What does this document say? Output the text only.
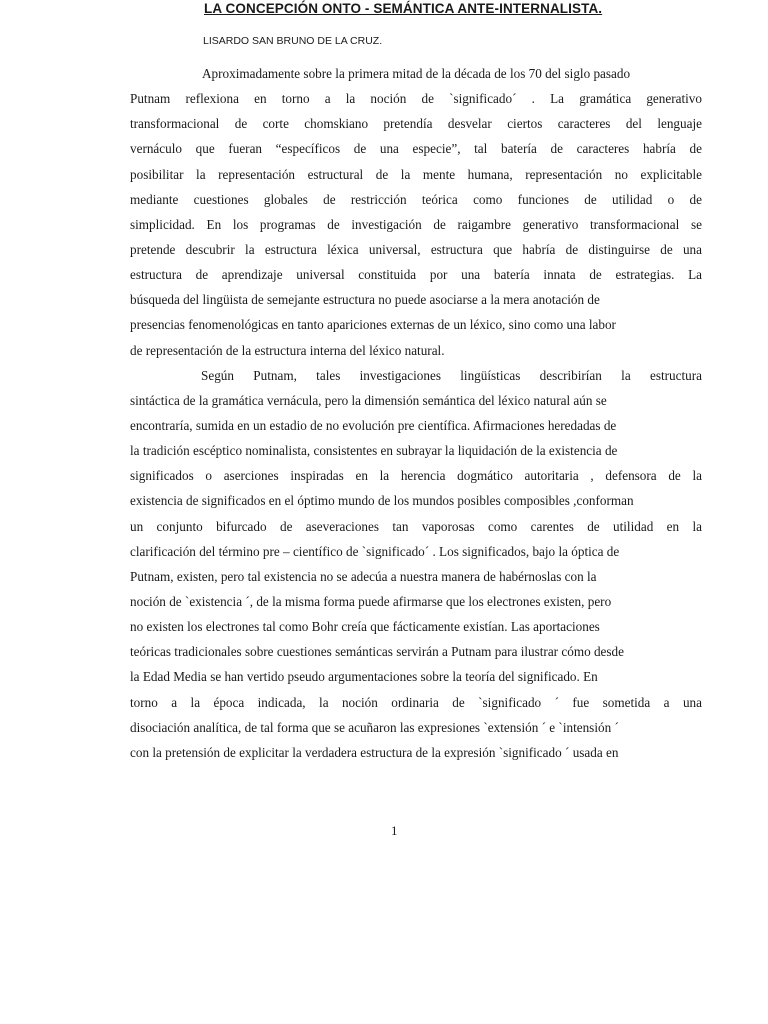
LA CONCEPCIÓN ONTO - SEMÁNTICA ANTE-INTERNALISTA.
LISARDO SAN BRUNO DE LA CRUZ.
Aproximadamente sobre la primera mitad de la década de los 70 del siglo pasado
Putnam reflexiona en torno a la noción de `significado´ . La gramática generativo
transformacional de corte chomskiano pretendía desvelar ciertos caracteres del lenguaje
vernáculo que fueran “específicos de una especie”, tal batería de caracteres habría de
posibilitar la representación estructural de la mente humana, representación no explicitable
mediante cuestiones globales de restricción teórica como funciones de utilidad o de
simplicidad. En los programas de investigación de raigambre generativo transformacional se
pretende descubrir la estructura léxica universal, estructura que habría de distinguirse de una
estructura de aprendizaje universal constituida por una batería innata de estrategias. La
búsqueda del lingüista de semejante estructura no puede asociarse a la mera anotación de
presencias fenomenológicas en tanto apariciones externas de un léxico, sino como una labor
de representación de la estructura interna del léxico natural.
Según Putnam, tales investigaciones lingüísticas describirían la estructura
sintáctica de la gramática vernácula, pero la dimensión semántica del léxico natural aún se
encontraría, sumida en un estadio de no evolución pre científica. Afirmaciones heredadas de
la tradición escéptico nominalista, consistentes en subrayar la liquidación de la existencia de
significados o aserciones inspiradas en la herencia dogmático autoritaria , defensora de la
existencia de significados en el óptimo mundo de los mundos posibles composibles ,conforman
un conjunto bifurcado de aseveraciones tan vaporosas como carentes de utilidad en la
clarificación del término pre – científico de `significado´ . Los significados, bajo la óptica de
Putnam, existen, pero tal existencia no se adecúa a nuestra manera de habérnoslas con la
noción de `existencia ´, de la misma forma puede afirmarse que los electrones existen, pero
no existen los electrones tal como Bohr creía que fácticamente existían. Las aportaciones
teóricas tradicionales sobre cuestiones semánticas servirán a Putnam para ilustrar cómo desde
la Edad Media se han vertido pseudo argumentaciones sobre la teoría del significado. En
torno a la época indicada, la noción ordinaria de `significado ´ fue sometida a una
disociación analítica, de tal forma que se acuñaron las expresiones `extensión ´ e `intensión ´
con la pretensión de explicitar la verdadera estructura de la expresión `significado ´ usada en
1
